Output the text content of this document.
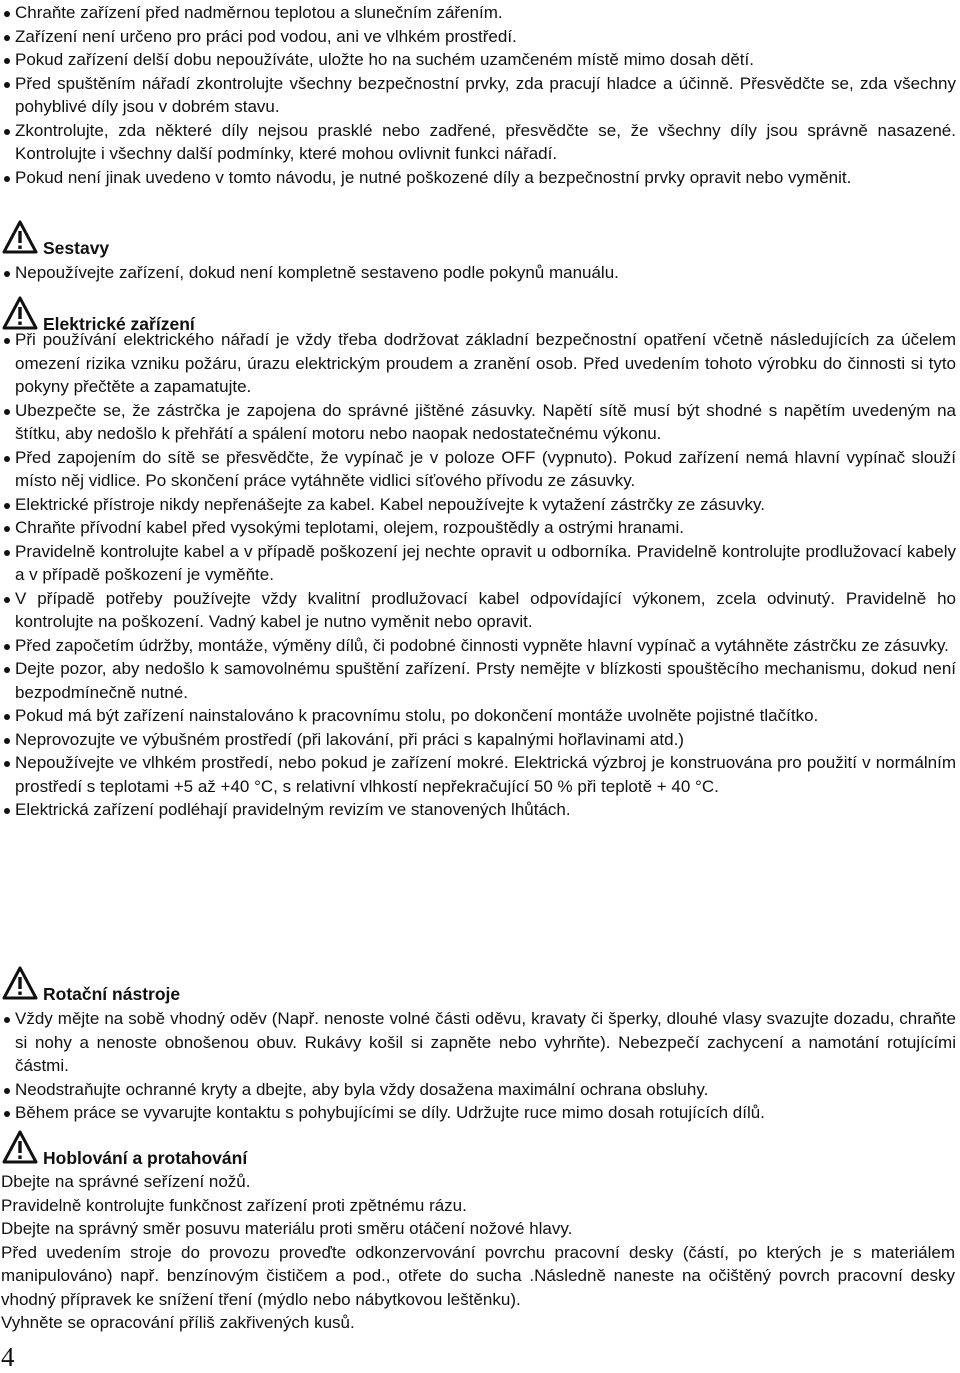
Chraňte zařízení před nadměrnou teplotou a slunečním zářením.
Zařízení není určeno pro práci pod vodou, ani ve vlhkém prostředí.
Pokud zařízení delší dobu nepoužíváte, uložte ho na suchém uzamčeném místě mimo dosah dětí.
Před spuštěním nářadí zkontrolujte všechny bezpečnostní prvky, zda pracují hladce a účinně. Přesvědčte se, zda všechny pohyblivé díly jsou v dobrém stavu.
Zkontrolujte, zda některé díly nejsou prasklé nebo zadřené, přesvědčte se, že všechny díly jsou správně nasazené. Kontrolujte i všechny další podmínky, které mohou ovlivnit funkci nářadí.
Pokud není jinak uvedeno v tomto návodu, je nutné poškozené díly a bezpečnostní prvky opravit nebo vyměnit.
Sestavy
Nepoužívejte zařízení, dokud není kompletně sestaveno podle pokynů manuálu.
Elektrické zařízení
Při používání elektrického nářadí je vždy třeba dodržovat základní bezpečnostní opatření včetně následujících za účelem omezení rizika vzniku požáru, úrazu elektrickým proudem a zranění osob. Před uvedením tohoto výrobku do činnosti si tyto pokyny přečtěte a zapamatujte.
Ubezpečte se, že zástrčka je zapojena do správné jištěné zásuvky. Napětí sítě musí být shodné s napětím uvedeným na štítku, aby nedošlo k přehřátí a spálení motoru nebo naopak nedostatečnému výkonu.
Před zapojením do sítě se přesvědčte, že vypínač je v poloze OFF (vypnuto). Pokud zařízení nemá hlavní vypínač slouží místo něj vidlice. Po skončení práce vytáhněte vidlici síťového přívodu ze zásuvky.
Elektrické přístroje nikdy nepřenášejte za kabel. Kabel nepoužívejte k vytažení zástrčky ze zásuvky.
Chraňte přívodní kabel před vysokými teplotami, olejem, rozpouštědly a ostrými hranami.
Pravidelně kontrolujte kabel a v případě poškození jej nechte opravit u odborníka. Pravidelně kontrolujte prodlužovací kabely a v případě poškození je vyměňte.
V případě potřeby používejte vždy kvalitní prodlužovací kabel odpovídající výkonem, zcela odvinutý. Pravidelně ho kontrolujte na poškození. Vadný kabel je nutno vyměnit nebo opravit.
Před započetím údržby, montáže, výměny dílů, či podobné činnosti vypněte hlavní vypínač a vytáhněte zástrčku ze zásuvky.
Dejte pozor, aby nedošlo k samovolnému spuštění zařízení. Prsty nemějte v blízkosti spouštěcího mechanismu, dokud není bezpodmínečně nutné.
Pokud má být zařízení nainstalováno k pracovnímu stolu, po dokončení montáže uvolněte pojistné tlačítko.
Neprovozujte ve výbušném prostředí (při lakování, při práci s kapalnými hořlavinami atd.)
Nepoužívejte ve vlhkém prostředí, nebo pokud je zařízení mokré. Elektrická výzbroj je konstruována pro použití v normálním prostředí s teplotami +5 až +40 °C, s relativní vlhkostí nepřekračující 50 % při teplotě + 40 °C.
Elektrická zařízení podléhají pravidelným revizím ve stanovených lhůtách.
Rotační nástroje
Vždy mějte na sobě vhodný oděv (Např. nenoste volné části oděvu, kravaty či šperky, dlouhé vlasy svazujte dozadu, chraňte si nohy a nenoste obnošenou obuv. Rukávy košil si zapněte nebo vyhrňte). Nebezpečí zachycení a namotání rotujícími částmi.
Neodstraňujte ochranné kryty a dbejte, aby byla vždy dosažena maximální ochrana obsluhy.
Během práce se vyvarujte kontaktu s pohybujícími se díly. Udržujte ruce mimo dosah rotujících dílů.
Hoblování a protahování

Dbejte na správné seřízení nožů.

Pravidelně kontrolujte funkčnost zařízení proti zpětnému rázu.

Dbejte na správný směr posuvu materiálu proti směru otáčení nožové hlavy.

Před uvedením stroje do provozu proveďte odkonzervování povrchu pracovní desky (částí, po kterých je s materiálem manipulováno) např. benzínovým čističem a pod., otřete do sucha .Následně naneste na očištěný povrch pracovní desky vhodný přípravek ke snížení tření (mýdlo nebo nábytkovou leštěnku).

Vyhněte se opracování příliš zakřivených kusů.

4
